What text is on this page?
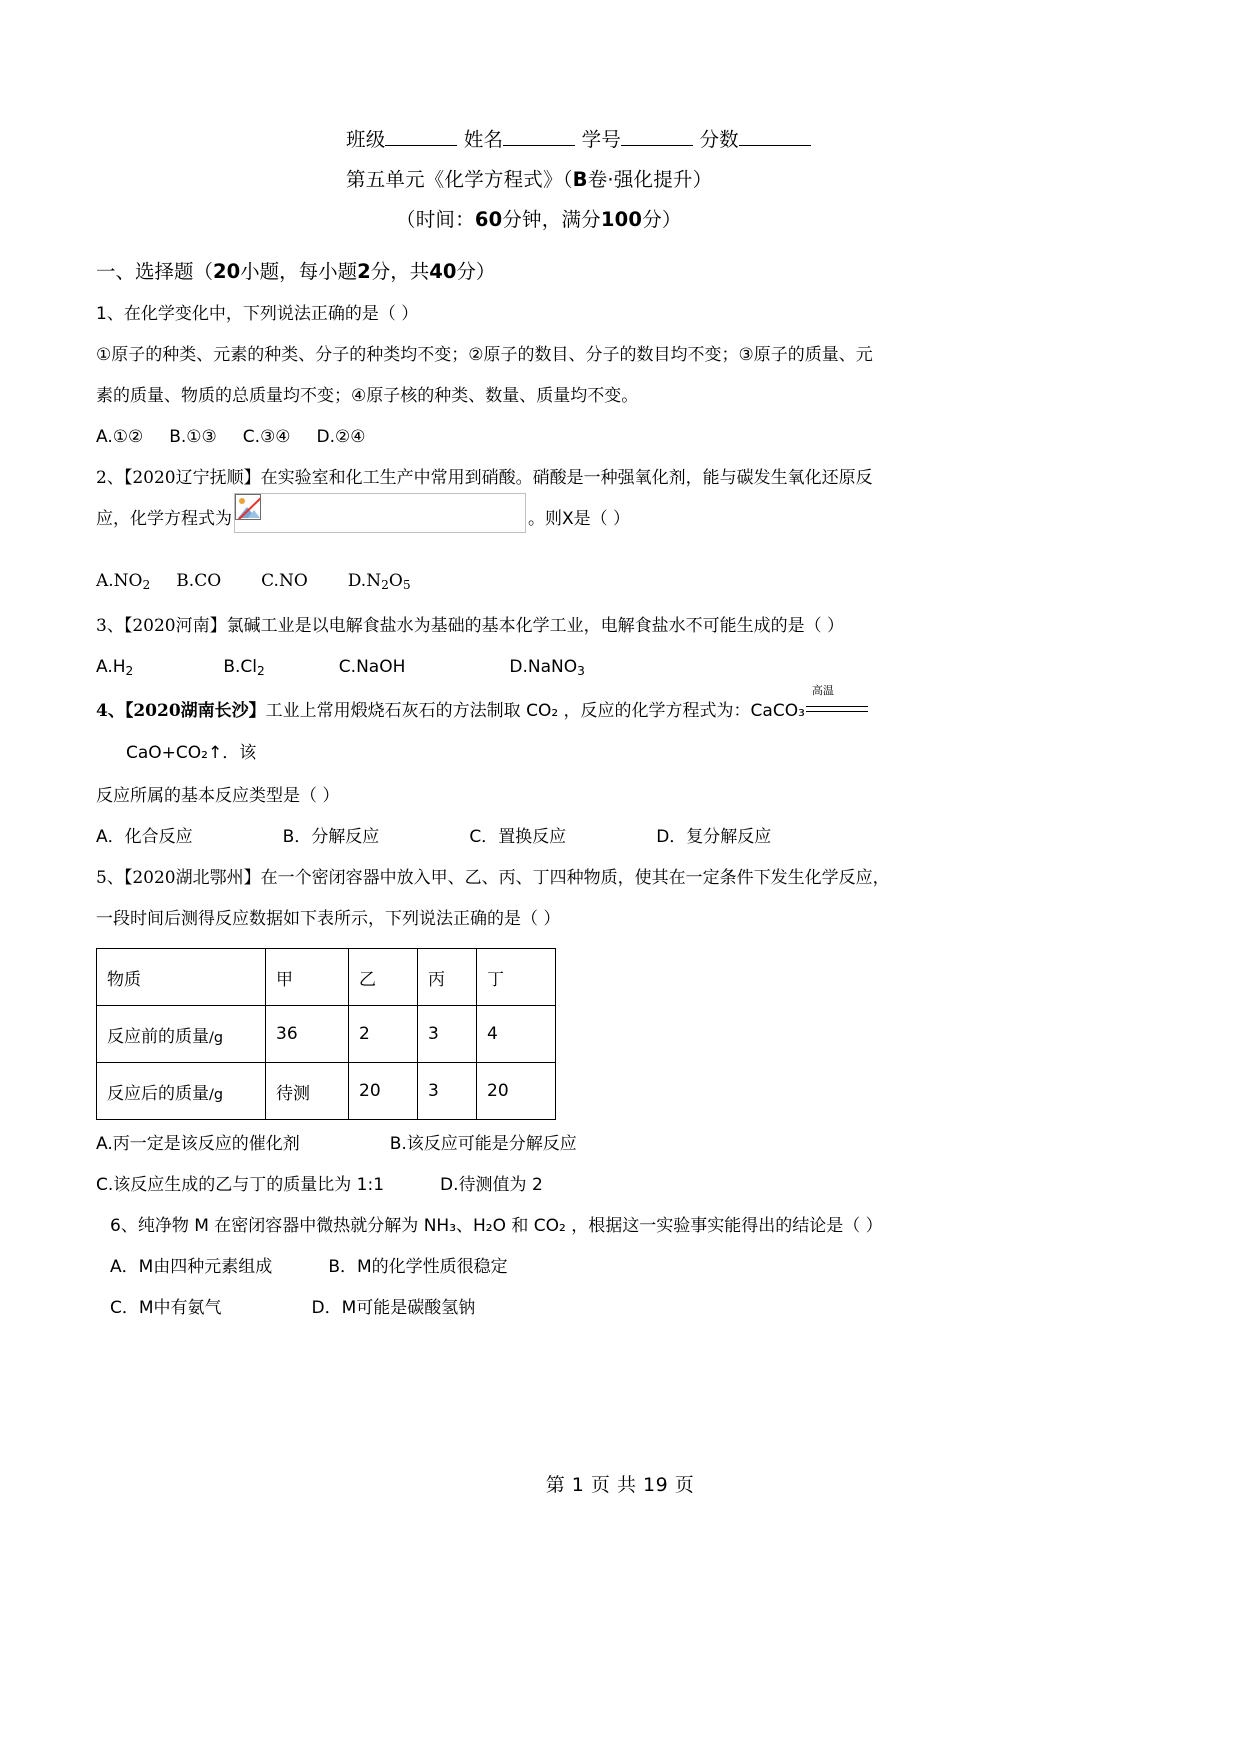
班级	姓名	学号	分数
第五单元《化学方程式》（B卷·强化提升）
（时间：60分钟，满分100分）
一、选择题（20小题，每小题2分，共40分）
1、在化学变化中，下列说法正确的是（ ）
①原子的种类、元素的种类、分子的种类均不变；②原子的数目、分子的数目均不变；③原子的质量、元
素的质量、物质的总质量均不变；④原子核的种类、数量、质量均不变。
A.①② B.①③ C.③④ D.②④
2、【2020辽宁抚顺】在实验室和化工生产中常用到硝酸。硝酸是一种强氧化剂，能与碳发生氧化还原反
应，化学方程式为	。则X是（ ）
$A.NO_2$ B.CO C.NO $D.N_2O_5$
3、【2020河南】氯碱工业是以电解食盐水为基础的基本化学工业，电解食盐水不可能生成的是（ ）
$A.H_2$	$B.Cl_2$	C.NaOH	D.NaNO$_3$
4、【2020湖南长沙】工业上常用煅烧石灰石的方法制取 CO₂ ，反应的化学方程式为：CaCO₃
高温
CaO+CO₂↑．该
反应所属的基本反应类型是（ ）
A．化合反应	B．分解反应	C．置换反应	D．复分解反应
5、【2020湖北鄂州】在一个密闭容器中放入甲、乙、丙、丁四种物质，使其在一定条件下发生化学反应，
一段时间后测得反应数据如下表所示，下列说法正确的是（ ）
物质	甲	乙	丙	丁
反应前的质量/g	36	2	3	4
反应后的质量/g	待测	20	3	20
A.丙一定是该反应的催化剂	B.该反应可能是分解反应
C.该反应生成的乙与丁的质量比为 1:1	D.待测值为 2
6、纯净物 M 在密闭容器中微热就分解为 NH₃、H₂O 和 CO₂ ，根据这一实验事实能得出的结论是（ ）
A．M由四种元素组成	B．M的化学性质很稳定
C．M中有氨气	D．M可能是碳酸氢钠
第 1 页 共 19 页
